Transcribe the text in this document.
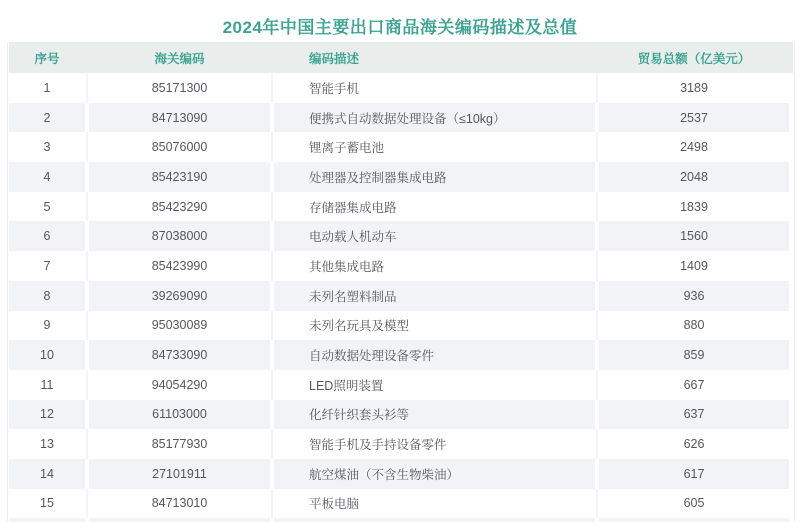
2024年中国主要出口商品海关编码描述及总值
序号	海关编码	编码描述	贸易总额（亿美元）
1	85171300	智能手机	3189
2	84713090	便携式自动数据处理设备（≤10kg）	2537
3	85076000	锂离子蓄电池	2498
4	85423190	处理器及控制器集成电路	2048
5	85423290	存储器集成电路	1839
6	87038000	电动载人机动车	1560
7	85423990	其他集成电路	1409
8	39269090	未列名塑料制品	936
9	95030089	未列名玩具及模型	880
10	84733090	自动数据处理设备零件	859
11	94054290	LED照明装置	667
12	61103000	化纤针织套头衫等	637
13	85177930	智能手机及手持设备零件	626
14	27101911	航空煤油（不含生物柴油）	617
15	84713010	平板电脑	605
